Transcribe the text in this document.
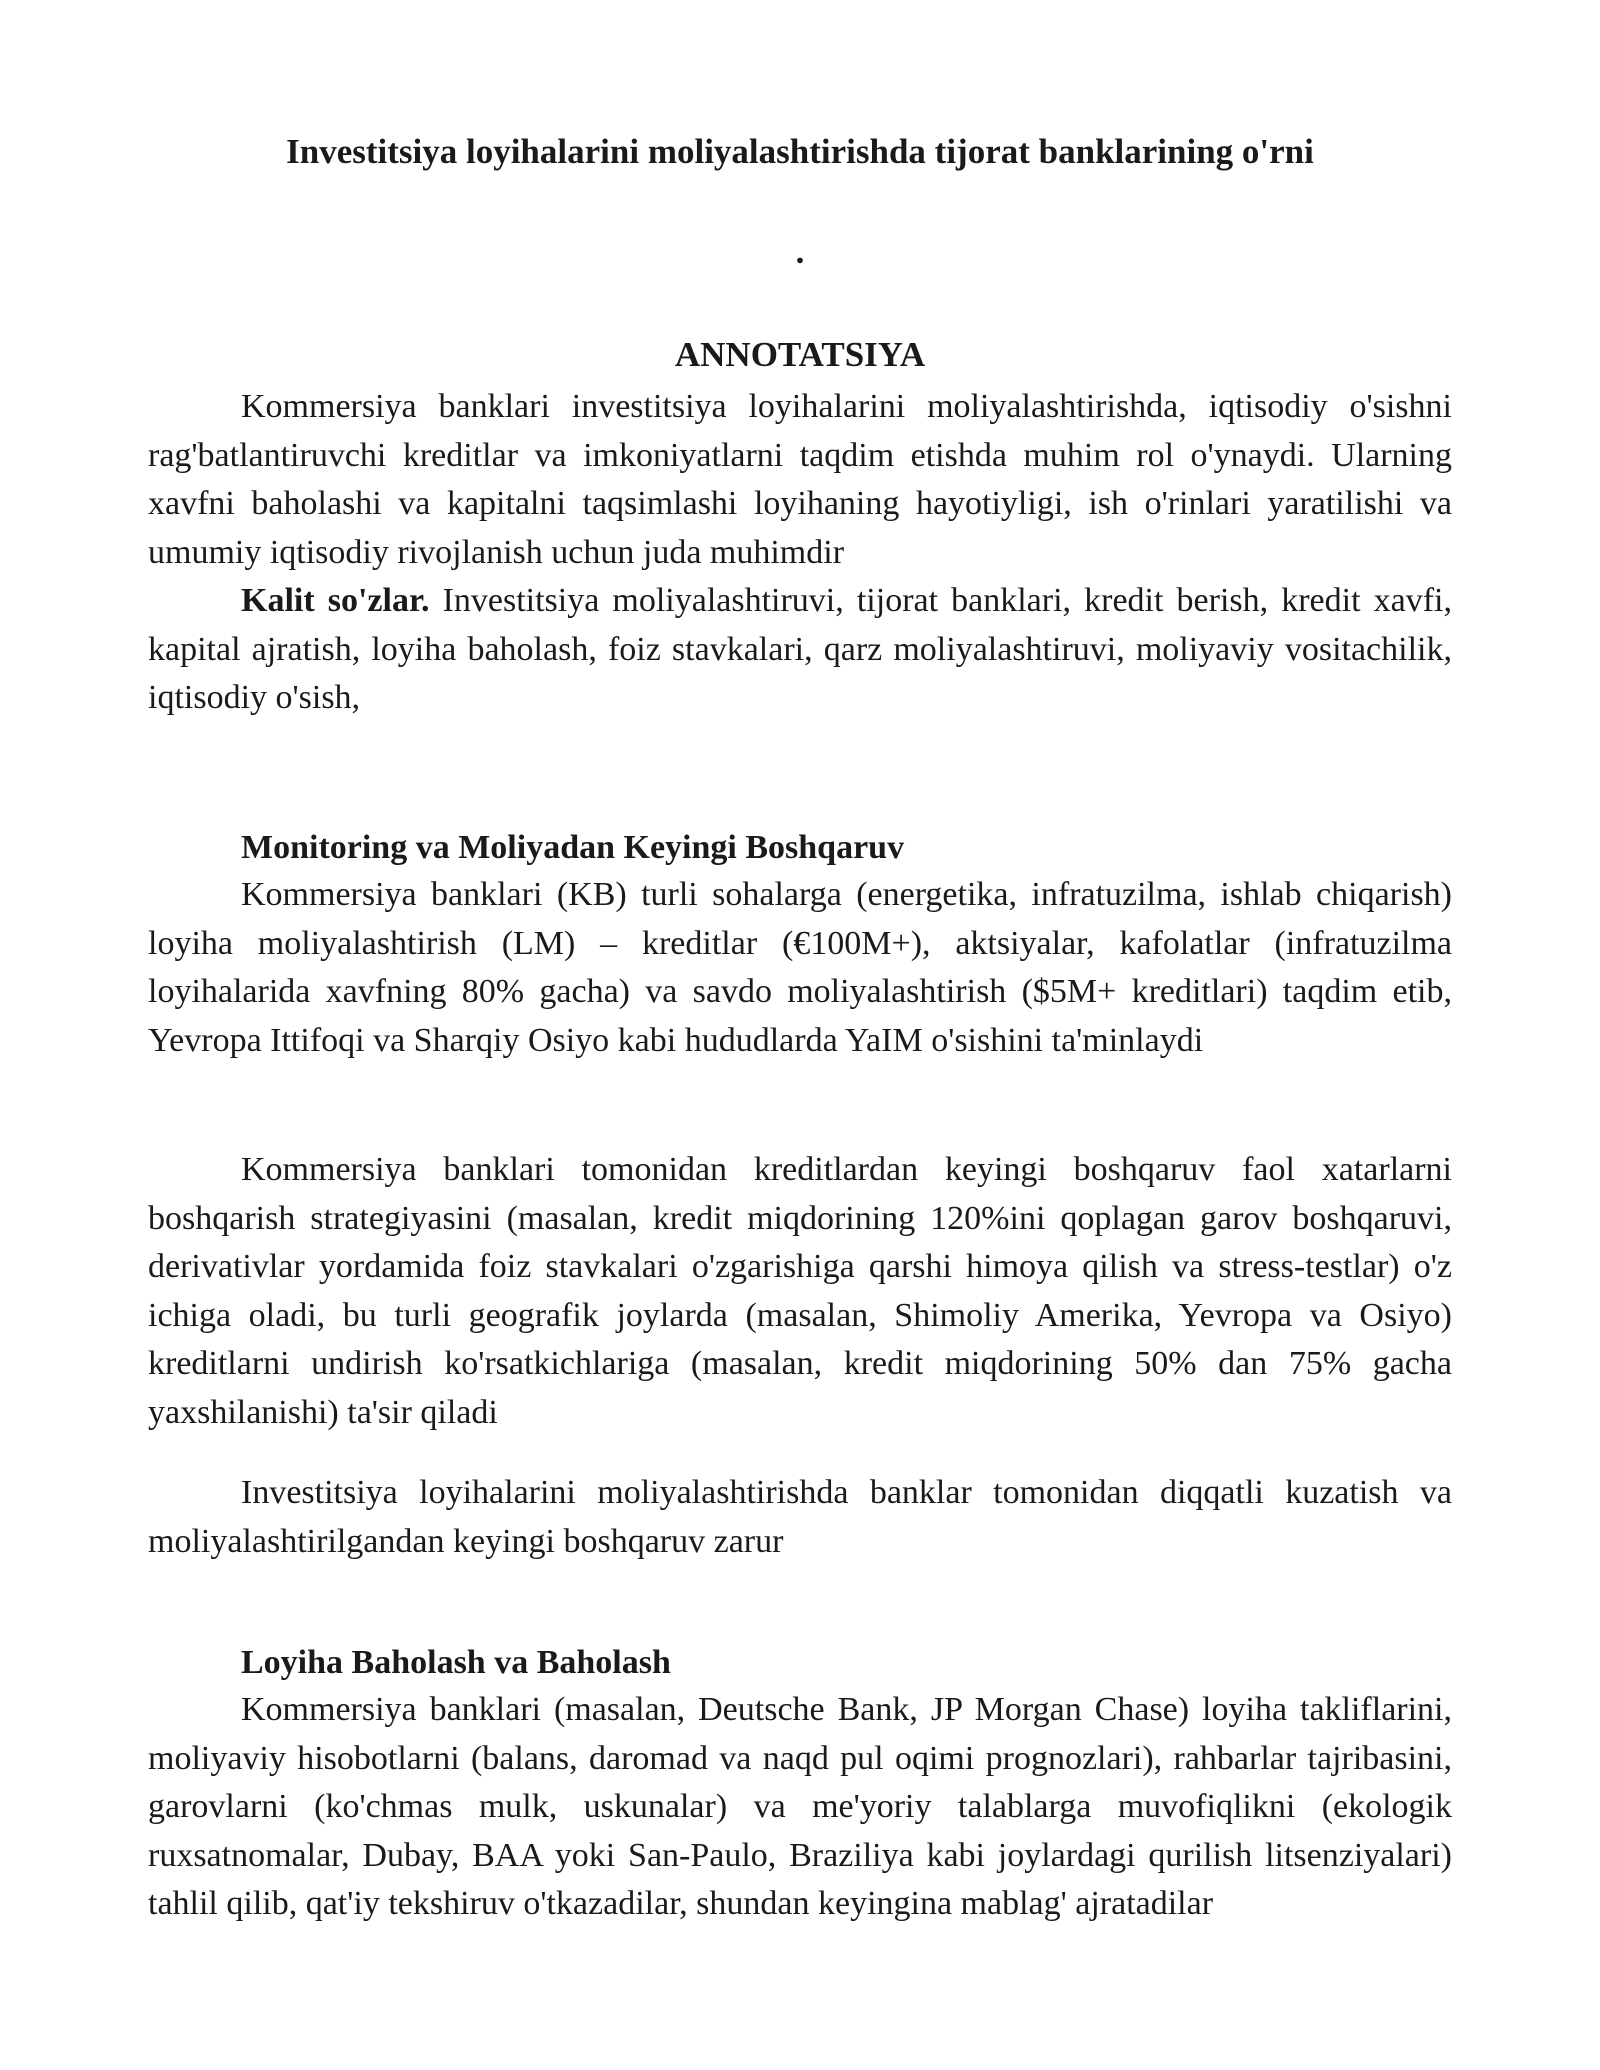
Investitsiya loyihalarini moliyalashtirishda tijorat banklarining o'rni
.
ANNOTATSIYA

Kommersiya banklari investitsiya loyihalarini moliyalashtirishda, iqtisodiy o'sishni rag'batlantiruvchi kreditlar va imkoniyatlarni taqdim etishda muhim rol o'ynaydi. Ularning xavfni baholashi va kapitalni taqsimlashi loyihaning hayotiyligi, ish o'rinlari yaratilishi va umumiy iqtisodiy rivojlanish uchun juda muhimdir

Kalit so'zlar. Investitsiya moliyalashtiruvi, tijorat banklari, kredit berish, kredit xavfi, kapital ajratish, loyiha baholash, foiz stavkalari, qarz moliyalashtiruvi, moliyaviy vositachilik, iqtisodiy o'sish,

Monitoring va Moliyadan Keyingi Boshqaruv

Kommersiya banklari (KB) turli sohalarga (energetika, infratuzilma, ishlab chiqarish) loyiha moliyalashtirish (LM) – kreditlar (€100M+), aktsiyalar, kafolatlar (infratuzilma loyihalarida xavfning 80% gacha) va savdo moliyalashtirish ($5M+ kreditlari) taqdim etib, Yevropa Ittifoqi va Sharqiy Osiyo kabi hududlarda YaIM o'sishini ta'minlaydi

Kommersiya banklari tomonidan kreditlardan keyingi boshqaruv faol xatarlarni boshqarish strategiyasini (masalan, kredit miqdorining 120%ini qoplagan garov boshqaruvi, derivativlar yordamida foiz stavkalari o'zgarishiga qarshi himoya qilish va stress-testlar) o'z ichiga oladi, bu turli geografik joylarda (masalan, Shimoliy Amerika, Yevropa va Osiyo) kreditlarni undirish ko'rsatkichlariga (masalan, kredit miqdorining 50% dan 75% gacha yaxshilanishi) ta'sir qiladi

Investitsiya loyihalarini moliyalashtirishda banklar tomonidan diqqatli kuzatish va moliyalashtirilgandan keyingi boshqaruv zarur

Loyiha Baholash va Baholash

Kommersiya banklari (masalan, Deutsche Bank, JP Morgan Chase) loyiha takliflarini, moliyaviy hisobotlarni (balans, daromad va naqd pul oqimi prognozlari), rahbarlar tajribasini, garovlarni (ko'chmas mulk, uskunalar) va me'yoriy talablarga muvofiqlikni (ekologik ruxsatnomalar, Dubay, BAA yoki San-Paulo, Braziliya kabi joylardagi qurilish litsenziyalari) tahlil qilib, qat'iy tekshiruv o'tkazadilar, shundan keyingina mablag' ajratadilar
